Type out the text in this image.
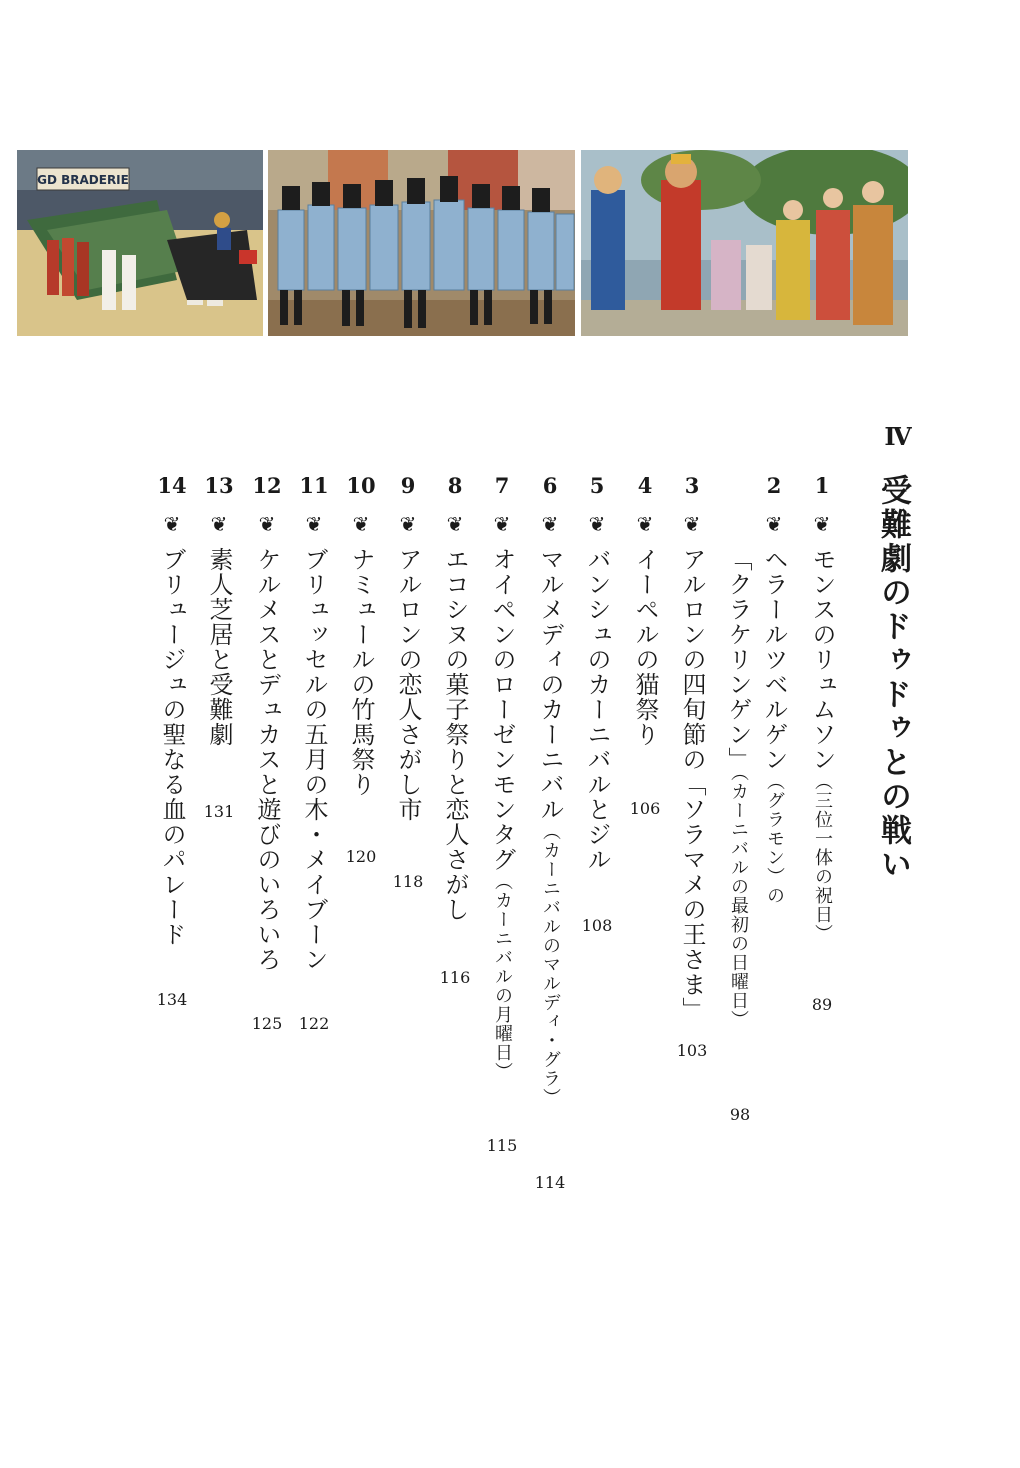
GD BRADERIE
Ⅳ
受難劇のドゥドゥとの戦い
1
❦
モンスのリュムソン（三位一体の祝日）
89
2
❦
ヘラールツベルゲン（グラモン）の
「クラケリンゲン」（カーニバルの最初の日曜日）
98
3
❦
アルロンの四旬節の「ソラマメの王さま」
103
4
❦
イーペルの猫祭り
106
5
❦
バンシュのカーニバルとジル
108
6
❦
マルメディのカーニバル（カーニバルのマルディ・グラ）
114
7
❦
オイペンのローゼンモンタグ（カーニバルの月曜日）
115
8
❦
エコシヌの菓子祭りと恋人さがし
116
9
❦
アルロンの恋人さがし市
118
10
❦
ナミュールの竹馬祭り
120
11
❦
ブリュッセルの五月の木・メイブーン
122
12
❦
ケルメスとデュカスと遊びのいろいろ
125
13
❦
素人芝居と受難劇
131
14
❦
ブリュージュの聖なる血のパレード
134
